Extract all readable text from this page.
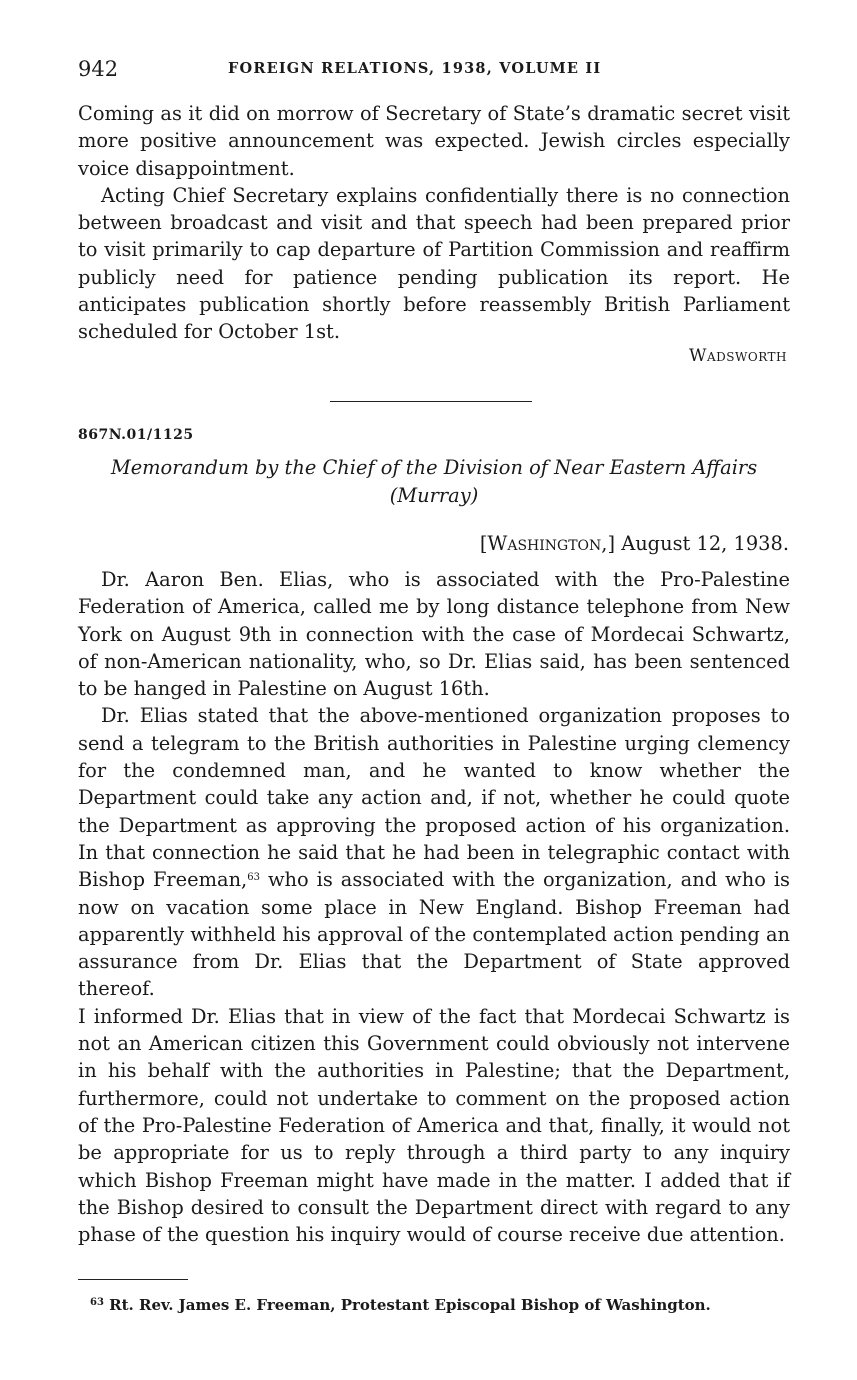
942	FOREIGN RELATIONS, 1938, VOLUME II

Coming as it did on morrow of Secretary of State’s dramatic secret visit more positive announcement was expected. Jewish circles especially voice disappointment.

Acting Chief Secretary explains confidentially there is no connection between broadcast and visit and that speech had been prepared prior to visit primarily to cap departure of Partition Commission and reaffirm publicly need for patience pending publication its report. He anticipates publication shortly before reassembly British Parliament scheduled for October 1st.

Wadsworth
867N.01/1125
Memorandum by the Chief of the Division of Near Eastern Affairs
(Murray)
[Washington,] August 12, 1938.

Dr. Aaron Ben. Elias, who is associated with the Pro-Palestine Federation of America, called me by long distance telephone from New York on August 9th in connection with the case of Mordecai Schwartz, of non-American nationality, who, so Dr. Elias said, has been sentenced to be hanged in Palestine on August 16th.

Dr. Elias stated that the above-mentioned organization proposes to send a telegram to the British authorities in Palestine urging clemency for the condemned man, and he wanted to know whether the Department could take any action and, if not, whether he could quote the Department as approving the proposed action of his organization. In that connection he said that he had been in telegraphic contact with Bishop Freeman,$^{63}$ who is associated with the organization, and who is now on vacation some place in New England. Bishop Freeman had apparently withheld his approval of the contemplated action pending an assurance from Dr. Elias that the Department of State approved thereof.

I informed Dr. Elias that in view of the fact that Mordecai Schwartz is not an American citizen this Government could obviously not intervene in his behalf with the authorities in Palestine; that the Department, furthermore, could not undertake to comment on the proposed action of the Pro-Palestine Federation of America and that, finally, it would not be appropriate for us to reply through a third party to any inquiry which Bishop Freeman might have made in the matter. I added that if the Bishop desired to consult the Department direct with regard to any phase of the question his inquiry would of course receive due attention.

$^{63}$ Rt. Rev. James E. Freeman, Protestant Episcopal Bishop of Washington.
